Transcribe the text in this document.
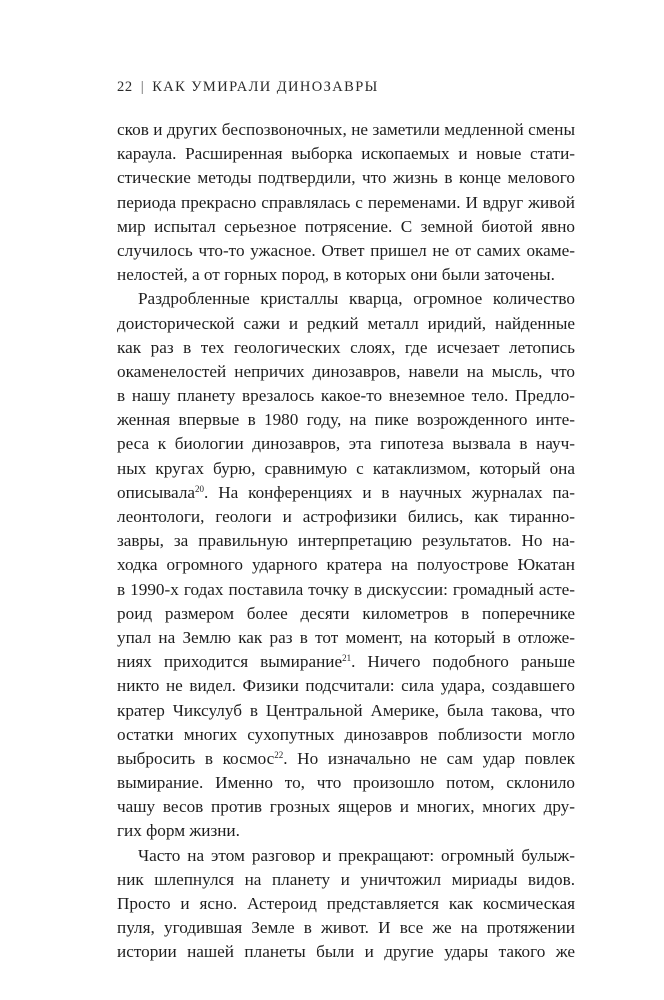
22 | КАК УМИРАЛИ ДИНОЗАВРЫ
сков и других беспозвоночных, не заметили медленной смены
караула. Расширенная выборка ископаемых и новые стати-
стические методы подтвердили, что жизнь в конце мелового
периода прекрасно справлялась с переменами. И вдруг живой
мир испытал серьезное потрясение. С земной биотой явно
случилось что-то ужасное. Ответ пришел не от самих окаме-
нелостей, а от горных пород, в которых они были заточены.
Раздробленные кристаллы кварца, огромное количество
доисторической сажи и редкий металл иридий, найденные
как раз в тех геологических слоях, где исчезает летопись
окаменелостей непричих динозавров, навели на мысль, что
в нашу планету врезалось какое-то внеземное тело. Предло-
женная впервые в 1980 году, на пике возрожденного инте-
реса к биологии динозавров, эта гипотеза вызвала в науч-
ных кругах бурю, сравнимую с катаклизмом, который она
описывала$^{20}$. На конференциях и в научных журналах па-
леонтологи, геологи и астрофизики бились, как тиранно-
завры, за правильную интерпретацию результатов. Но на-
ходка огромного ударного кратера на полуострове Юкатан
в 1990-х годах поставила точку в дискуссии: громадный асте-
роид размером более десяти километров в поперечнике
упал на Землю как раз в тот момент, на который в отложе-
ниях приходится вымирание$^{21}$. Ничего подобного раньше
никто не видел. Физики подсчитали: сила удара, создавшего
кратер Чиксулуб в Центральной Америке, была такова, что
остатки многих сухопутных динозавров поблизости могло
выбросить в космос$^{22}$. Но изначально не сам удар повлек
вымирание. Именно то, что произошло потом, склонило
чашу весов против грозных ящеров и многих, многих дру-
гих форм жизни.
Часто на этом разговор и прекращают: огромный булыж-
ник шлепнулся на планету и уничтожил мириады видов.
Просто и ясно. Астероид представляется как космическая
пуля, угодившая Земле в живот. И все же на протяжении
истории нашей планеты были и другие удары такого же
